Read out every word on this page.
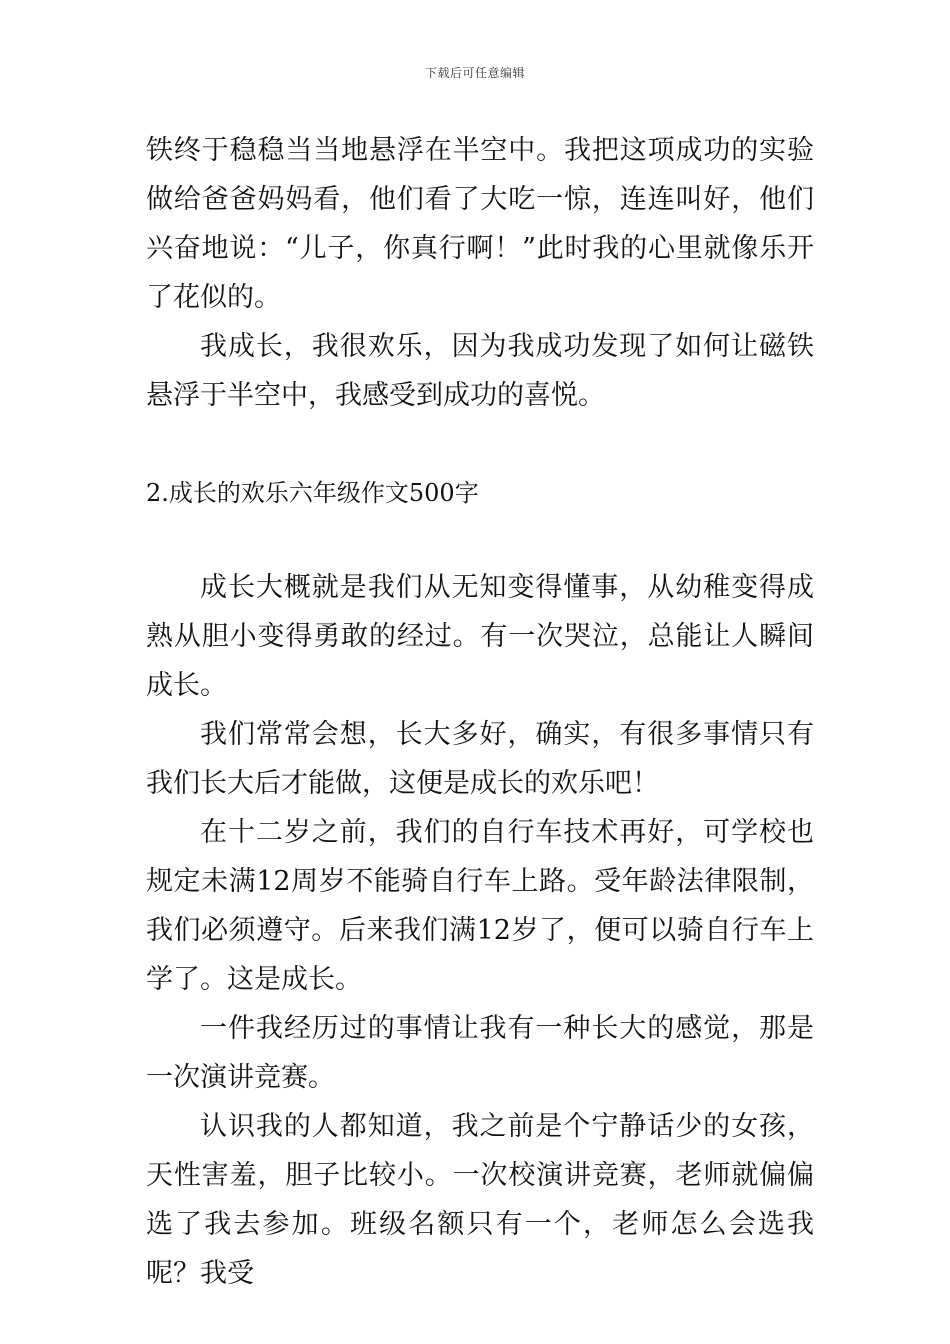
下载后可任意编辑

铁终于稳稳当当地悬浮在半空中。我把这项成功的实验做给爸爸妈妈看，他们看了大吃一惊，连连叫好，他们兴奋地说：“儿子，你真行啊！”此时我的心里就像乐开了花似的。

我成长，我很欢乐，因为我成功发现了如何让磁铁悬浮于半空中，我感受到成功的喜悦。

2.成长的欢乐六年级作文500字

成长大概就是我们从无知变得懂事，从幼稚变得成熟从胆小变得勇敢的经过。有一次哭泣，总能让人瞬间成长。

我们常常会想，长大多好，确实，有很多事情只有我们长大后才能做，这便是成长的欢乐吧！

在十二岁之前，我们的自行车技术再好，可学校也规定未满12周岁不能骑自行车上路。受年龄法律限制，我们必须遵守。后来我们满12岁了，便可以骑自行车上学了。这是成长。

一件我经历过的事情让我有一种长大的感觉，那是一次演讲竞赛。

认识我的人都知道，我之前是个宁静话少的女孩，天性害羞，胆子比较小。一次校演讲竞赛，老师就偏偏选了我去参加。班级名额只有一个，老师怎么会选我呢？我受
